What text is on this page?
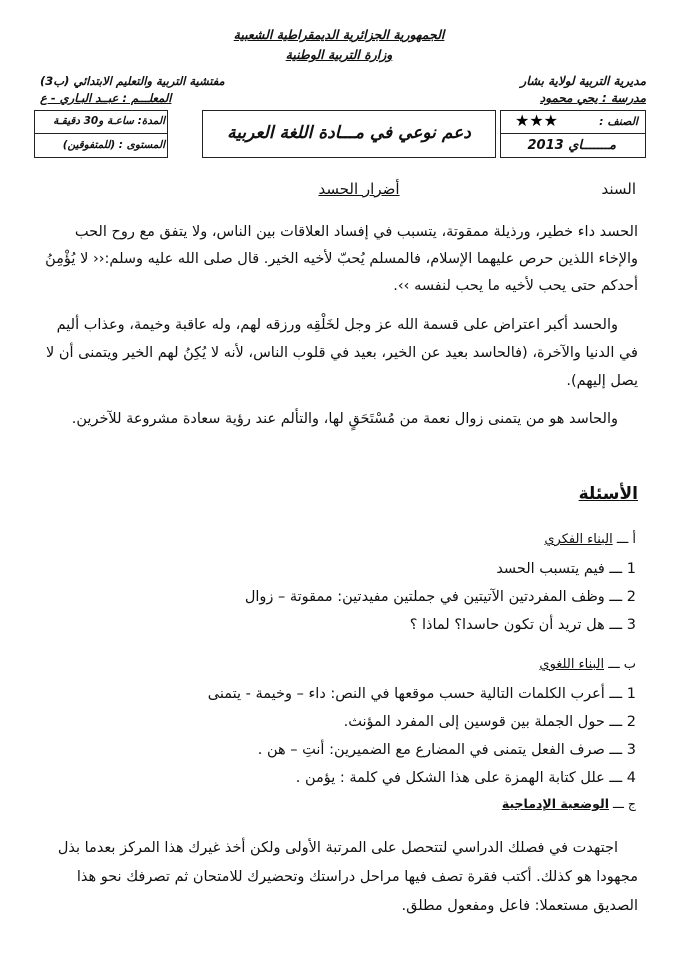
الجمهورية الجزائرية الديمقراطية الشعبية
وزارة التربية الوطنية
مديرية التربية لولاية بشار
مدرسة : يحي محمود
مفتشية التربية والتعليم الابتدائي (ب3)
المعلـــم : عبــد البـاري - ع
الصنف :
★★★
مـــــــاي 2013
دعم نوعي في مـــادة اللغة العربية
المدة: ساعـة و30 دقيقـة
المستوى : (للمتفوقين)
السند
أضرار الحسد
الحسد داء خطير، ورذيلة ممقوتة، يتسبب في إفساد العلاقات بين الناس، ولا يتفق مع روح الحب
والإخاء اللذين حرص عليهما الإسلام، فالمسلم يُحبّ لأخيه الخير. قال صلى الله عليه وسلم:‹‹ لا يُؤْمِنُ
أحدكم حتى يحب لأخيه ما يحب لنفسه ››.
والحسد أكبر اعتراض على قسمة الله عز وجل لخَلْقِه ورزقه لهم، وله عاقبة وخيمة، وعذاب أليم
في الدنيا والآخرة، (فالحاسد بعيد عن الخير، بعيد في قلوب الناس، لأنه لا يُكِنُ لهم الخير ويتمنى أن لا
يصل إليهم).
والحاسد هو من يتمنى زوال نعمة من مُسْتَحَقٍ لها، والتألم عند رؤية سعادة مشروعة للآخرين.
الأسئلة
أ ـــ البناء الفكري
1 ـــ فيم يتسبب الحسد
2 ـــ وظف المفردتين الآتيتين في جملتين مفيدتين: ممقوتة – زوال
3 ـــ هل تريد أن تكون حاسدا؟ لماذا ؟
ب ـــ البناء اللغوي
1 ـــ أعرب الكلمات التالية حسب موقعها في النص: داء – وخيمة - يتمنى
2 ـــ حول الجملة بين قوسين إلى المفرد المؤنث.
3 ـــ صرف الفعل يتمنى في المضارع مع الضميرين: أنتِ – هن .
4 ـــ علل كتابة الهمزة على هذا الشكل في كلمة : يؤمن .
ج ـــ الوضعية الإدماجية
اجتهدت في فصلك الدراسي لتتحصل على المرتبة الأولى ولكن أخذ غيرك هذا المركز بعدما بذل
مجهودا هو كذلك. أكتب فقرة تصف فيها مراحل دراستك وتحضيرك للامتحان ثم تصرفك نحو هذا
الصديق مستعملا: فاعل ومفعول مطلق.
